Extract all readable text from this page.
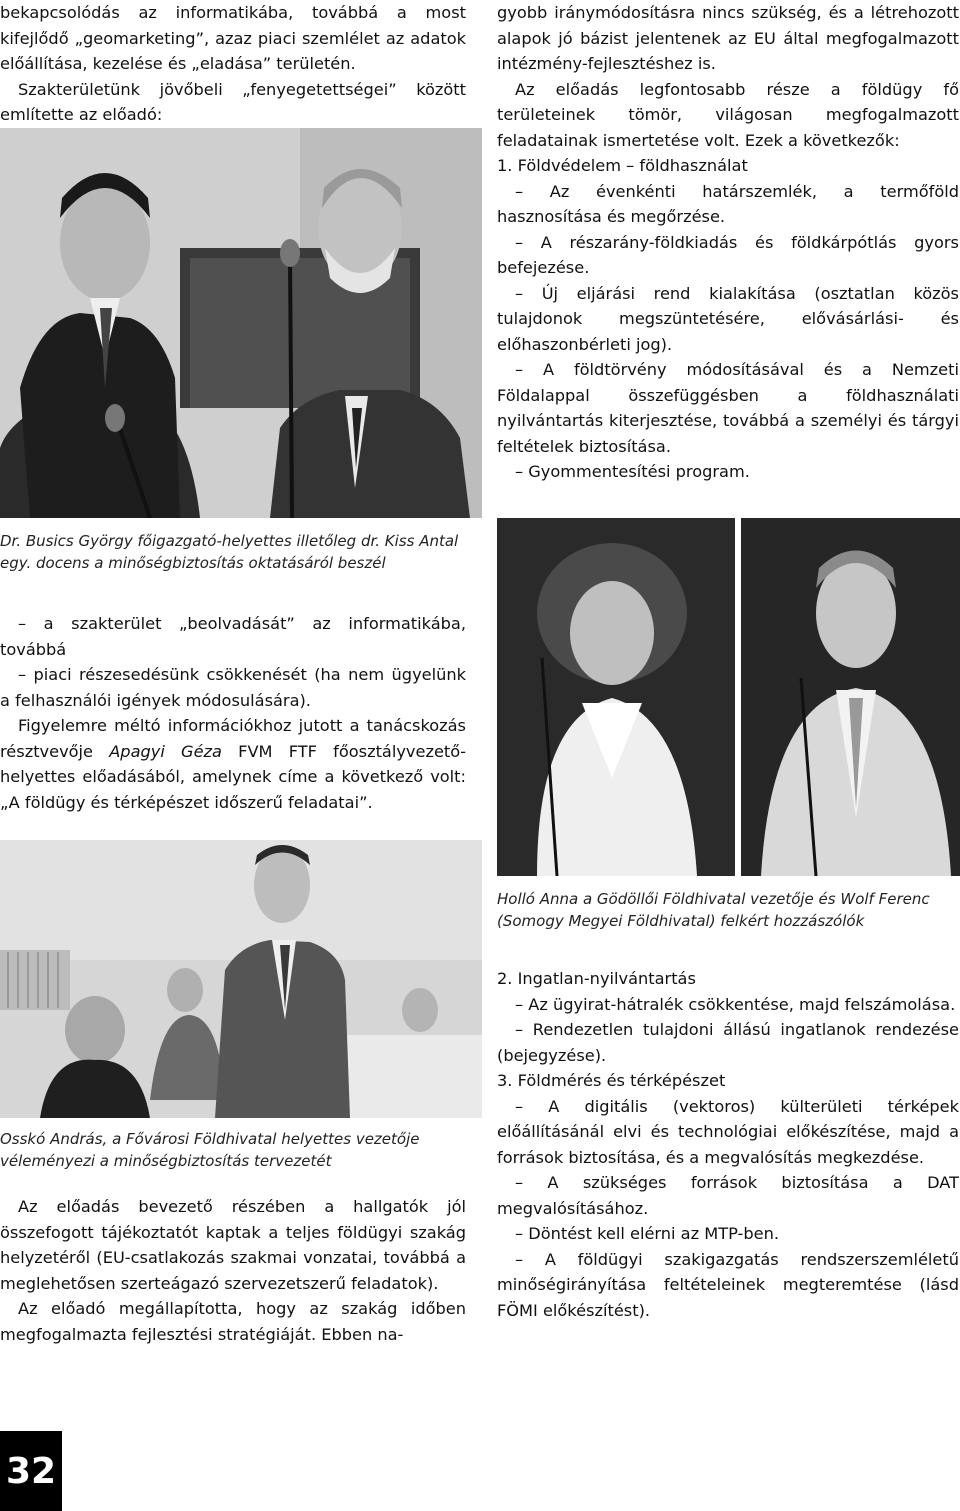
bekapcsolódás az informatikába, továbbá a most kifejlődő „geomarketing”, azaz piaci szemlélet az adatok előállítása, kezelése és „eladása” területén.

Szakterületünk jövőbeli „fenyegetettségei” között említette az előadó:

Dr. Busics György főigazgató-helyettes illetőleg dr. Kiss Antal egy. docens a minőségbiztosítás oktatásáról beszél

– a szakterület „beolvadását” az informatikába, továbbá

– piaci részesedésünk csökkenését (ha nem ügyelünk a felhasználói igények módosulására).

Figyelemre méltó információkhoz jutott a tanácskozás résztvevője Apagyi Géza FVM FTF főosztályvezető-helyettes előadásából, amelynek címe a következő volt: „A földügy és térképészet időszerű feladatai”.

Osskó András, a Fővárosi Földhivatal helyettes vezetője véleményezi a minőségbiztosítás tervezetét

Az előadás bevezető részében a hallgatók jól összefogott tájékoztatót kaptak a teljes földügyi szakág helyzetéről (EU-csatlakozás szakmai vonzatai, továbbá a meglehetősen szerteágazó szervezetszerű feladatok).

Az előadó megállapította, hogy az szakág időben megfogalmazta fejlesztési stratégiáját. Ebben na-

32

gyobb iránymódosításra nincs szükség, és a létrehozott alapok jó bázist jelentenek az EU által megfogalmazott intézmény-fejlesztéshez is.

Az előadás legfontosabb része a földügy fő területeinek tömör, világosan megfogalmazott feladatainak ismertetése volt. Ezek a következők:

1. Földvédelem – földhasználat

– Az évenkénti határszemlék, a termőföld hasznosítása és megőrzése.

– A részarány-földkiadás és földkárpótlás gyors befejezése.

– Új eljárási rend kialakítása (osztatlan közös tulajdonok megszüntetésére, elővásárlási- és előhaszonbérleti jog).

– A földtörvény módosításával és a Nemzeti Földalappal összefüggésben a földhasználati nyilvántartás kiterjesztése, továbbá a személyi és tárgyi feltételek biztosítása.

– Gyommentesítési program.

Holló Anna a Gödöllői Földhivatal vezetője és Wolf Ferenc (Somogy Megyei Földhivatal) felkért hozzászólók

2. Ingatlan-nyilvántartás

– Az ügyirat-hátralék csökkentése, majd felszámolása.

– Rendezetlen tulajdoni állású ingatlanok rendezése (bejegyzése).

3. Földmérés és térképészet

– A digitális (vektoros) külterületi térképek előállításánál elvi és technológiai előkészítése, majd a források biztosítása, és a megvalósítás megkezdése.

– A szükséges források biztosítása a DAT megvalósításához.

– Döntést kell elérni az MTP-ben.

– A földügyi szakigazgatás rendszerszemléletű minőségirányítása feltételeinek megteremtése (lásd FÖMI előkészítést).
